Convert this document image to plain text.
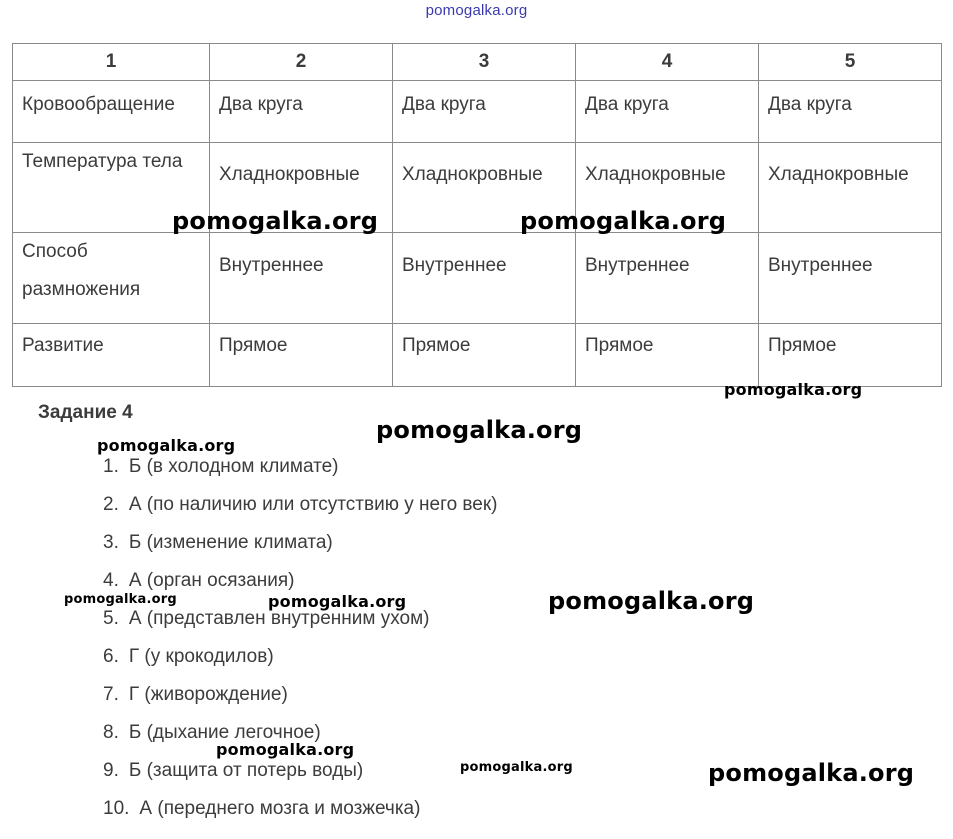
pomogalka.org
1	2	3	4	5
Кровообращение	Два круга	Два круга	Два круга	Два круга
Температура тела	Хладнокровные	Хладнокровные	Хладнокровные	Хладнокровные
Способ размножения	Внутреннее	Внутреннее	Внутреннее	Внутреннее
Развитие	Прямое	Прямое	Прямое	Прямое
Задание 4
1. Б (в холодном климате)
2. А (по наличию или отсутствию у него век)
3. Б (изменение климата)
4. А (орган осязания)
5. А (представлен внутренним ухом)
6. Г (у крокодилов)
7. Г (живорождение)
8. Б (дыхание легочное)
9. Б (защита от потерь воды)
10. А (переднего мозга и мозжечка)
pomogalka.org	pomogalka.org
pomogalka.org
pomogalka.org
pomogalka.org
pomogalka.org	pomogalka.org	pomogalka.org
pomogalka.org
pomogalka.org	pomogalka.org
